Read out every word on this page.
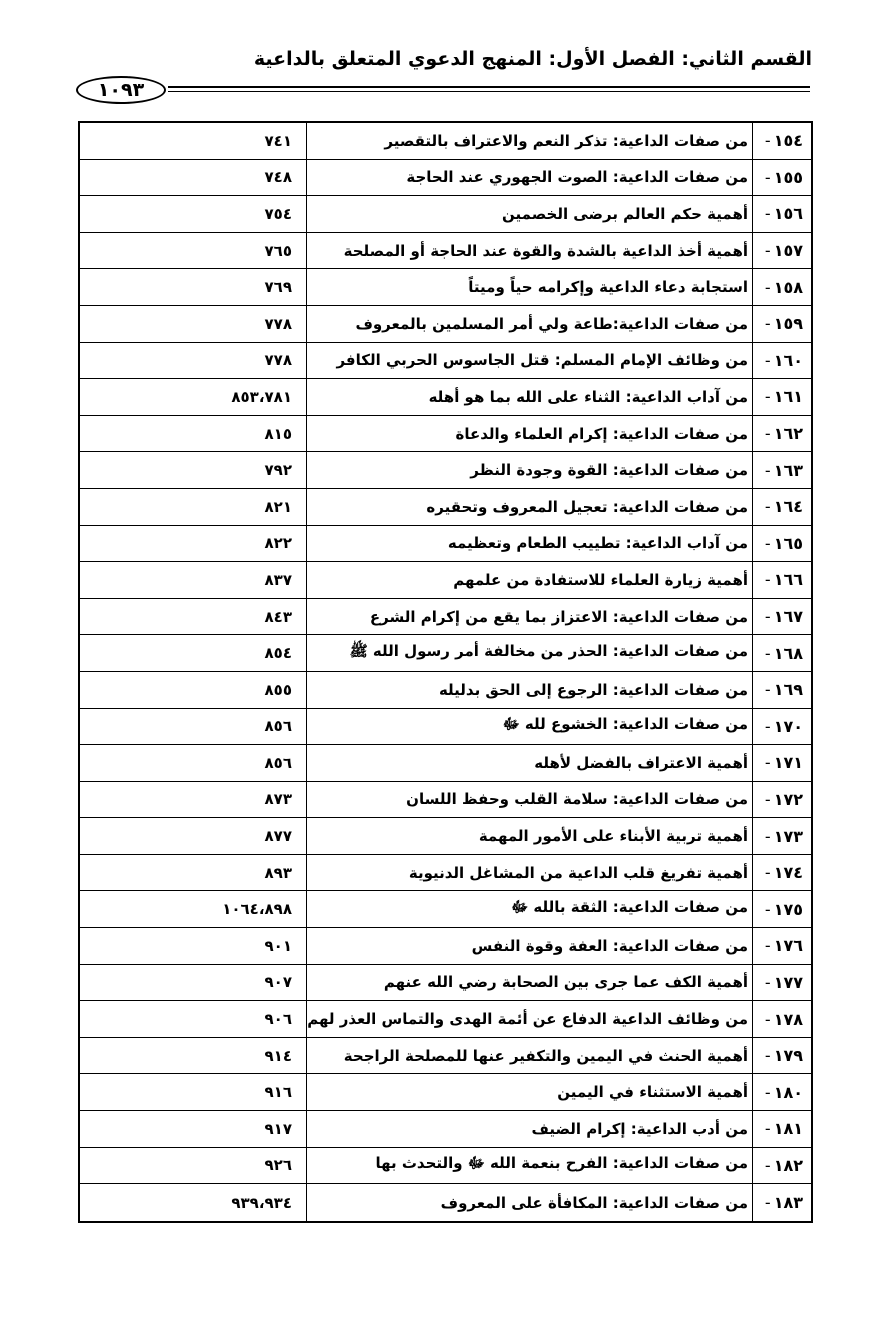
القسم الثاني: الفصل الأول: المنهج الدعوي المتعلق بالداعية
١٠٩٣
١٥٤
-
من صفات الداعية: تذكر النعم والاعتراف بالتقصير
٧٤١
١٥٥
-
من صفات الداعية: الصوت الجهوري عند الحاجة
٧٤٨
١٥٦
-
أهمية حكم العالم برضى الخصمين
٧٥٤
١٥٧
-
أهمية أخذ الداعية بالشدة والقوة عند الحاجة أو المصلحة
٧٦٥
١٥٨
-
استجابة دعاء الداعية وإكرامه حياً وميتاً
٧٦٩
١٥٩
-
من صفات الداعية:طاعة ولي أمر المسلمين بالمعروف
٧٧٨
١٦٠
-
من وظائف الإمام المسلم: قتل الجاسوس الحربي الكافر
٧٧٨
١٦١
-
من آداب الداعية: الثناء على الله بما هو أهله
٨٥٣،٧٨١
١٦٢
-
من صفات الداعية: إكرام العلماء والدعاة
٨١٥
١٦٣
-
من صفات الداعية: القوة وجودة النظر
٧٩٢
١٦٤
-
من صفات الداعية: تعجيل المعروف وتحقيره
٨٢١
١٦٥
-
من آداب الداعية: تطييب الطعام وتعظيمه
٨٢٢
١٦٦
-
أهمية زيارة العلماء للاستفادة من علمهم
٨٣٧
١٦٧
-
من صفات الداعية: الاعتزاز بما يقع من إكرام الشرع
٨٤٣
١٦٨
-
من صفات الداعية: الحذر من مخالفة أمر رسول الله ﷺ
٨٥٤
١٦٩
-
من صفات الداعية: الرجوع إلى الحق بدليله
٨٥٥
١٧٠
-
من صفات الداعية: الخشوع لله ﷻ
٨٥٦
١٧١
-
أهمية الاعتراف بالفضل لأهله
٨٥٦
١٧٢
-
من صفات الداعية: سلامة القلب وحفظ اللسان
٨٧٣
١٧٣
-
أهمية تربية الأبناء على الأمور المهمة
٨٧٧
١٧٤
-
أهمية تفريغ قلب الداعية من المشاغل الدنيوية
٨٩٣
١٧٥
-
من صفات الداعية: الثقة بالله ﷻ
١٠٦٤،٨٩٨
١٧٦
-
من صفات الداعية: العفة وقوة النفس
٩٠١
١٧٧
-
أهمية الكف عما جرى بين الصحابة رضي الله عنهم
٩٠٧
١٧٨
-
من وظائف الداعية الدفاع عن أئمة الهدى والتماس العذر لهم
٩٠٦
١٧٩
-
أهمية الحنث في اليمين والتكفير عنها للمصلحة الراجحة
٩١٤
١٨٠
-
أهمية الاستثناء في اليمين
٩١٦
١٨١
-
من أدب الداعية: إكرام الضيف
٩١٧
١٨٢
-
من صفات الداعية: الفرح بنعمة الله ﷻ والتحدث بها
٩٢٦
١٨٣
-
من صفات الداعية: المكافأة على المعروف
٩٣٩،٩٣٤
